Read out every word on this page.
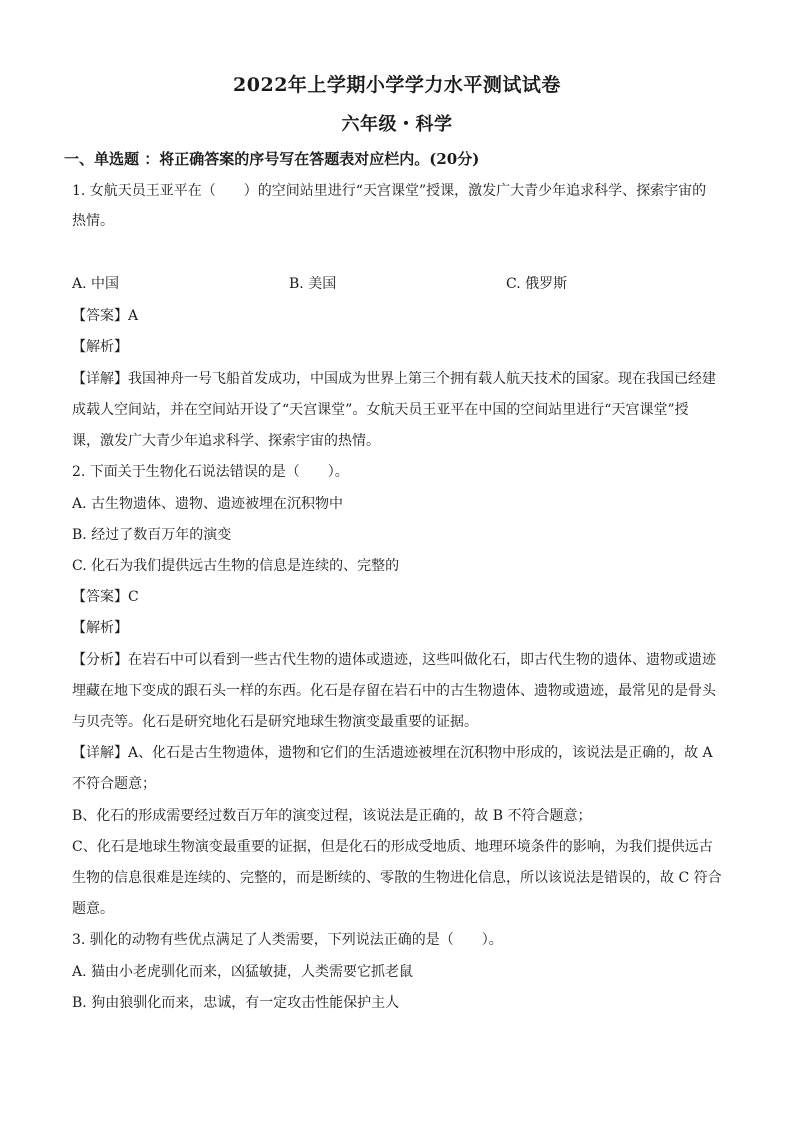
2022年上学期小学学力水平测试试卷
六年级・科学
一、单选题 ：将正确答案的序号写在答题表对应栏内。(20分)
1. 女航天员王亚平在（　　）的空间站里进行“天宫课堂”授课，激发广大青少年追求科学、探索宇宙的
热情。
A. 中国	B. 美国	C. 俄罗斯
【答案】A
【解析】
【详解】我国神舟一号飞船首发成功，中国成为世界上第三个拥有载人航天技术的国家。现在我国已经建
成载人空间站，并在空间站开设了“天宫课堂”。女航天员王亚平在中国的空间站里进行“天宫课堂”授
课，激发广大青少年追求科学、探索宇宙的热情。
2. 下面关于生物化石说法错误的是（　　）。
A. 古生物遗体、遗物、遗迹被埋在沉积物中
B. 经过了数百万年的演变
C. 化石为我们提供远古生物的信息是连续的、完整的
【答案】C
【解析】
【分析】在岩石中可以看到一些古代生物的遗体或遗迹，这些叫做化石，即古代生物的遗体、遗物或遗迹
埋藏在地下变成的跟石头一样的东西。化石是存留在岩石中的古生物遗体、遗物或遗迹，最常见的是骨头
与贝壳等。化石是研究地化石是研究地球生物演变最重要的证据。
【详解】A、化石是古生物遗体，遗物和它们的生活遗迹被埋在沉积物中形成的，该说法是正确的，故 A
不符合题意；
B、化石的形成需要经过数百万年的演变过程，该说法是正确的，故 B 不符合题意；
C、化石是地球生物演变最重要的证据，但是化石的形成受地质、地理环境条件的影响，为我们提供远古
生物的信息很难是连续的、完整的，而是断续的、零散的生物进化信息，所以该说法是错误的，故 C 符合
题意。
3. 驯化的动物有些优点满足了人类需要，下列说法正确的是（　　）。
A. 猫由小老虎驯化而来，凶猛敏捷，人类需要它抓老鼠
B. 狗由狼驯化而来，忠诚，有一定攻击性能保护主人
